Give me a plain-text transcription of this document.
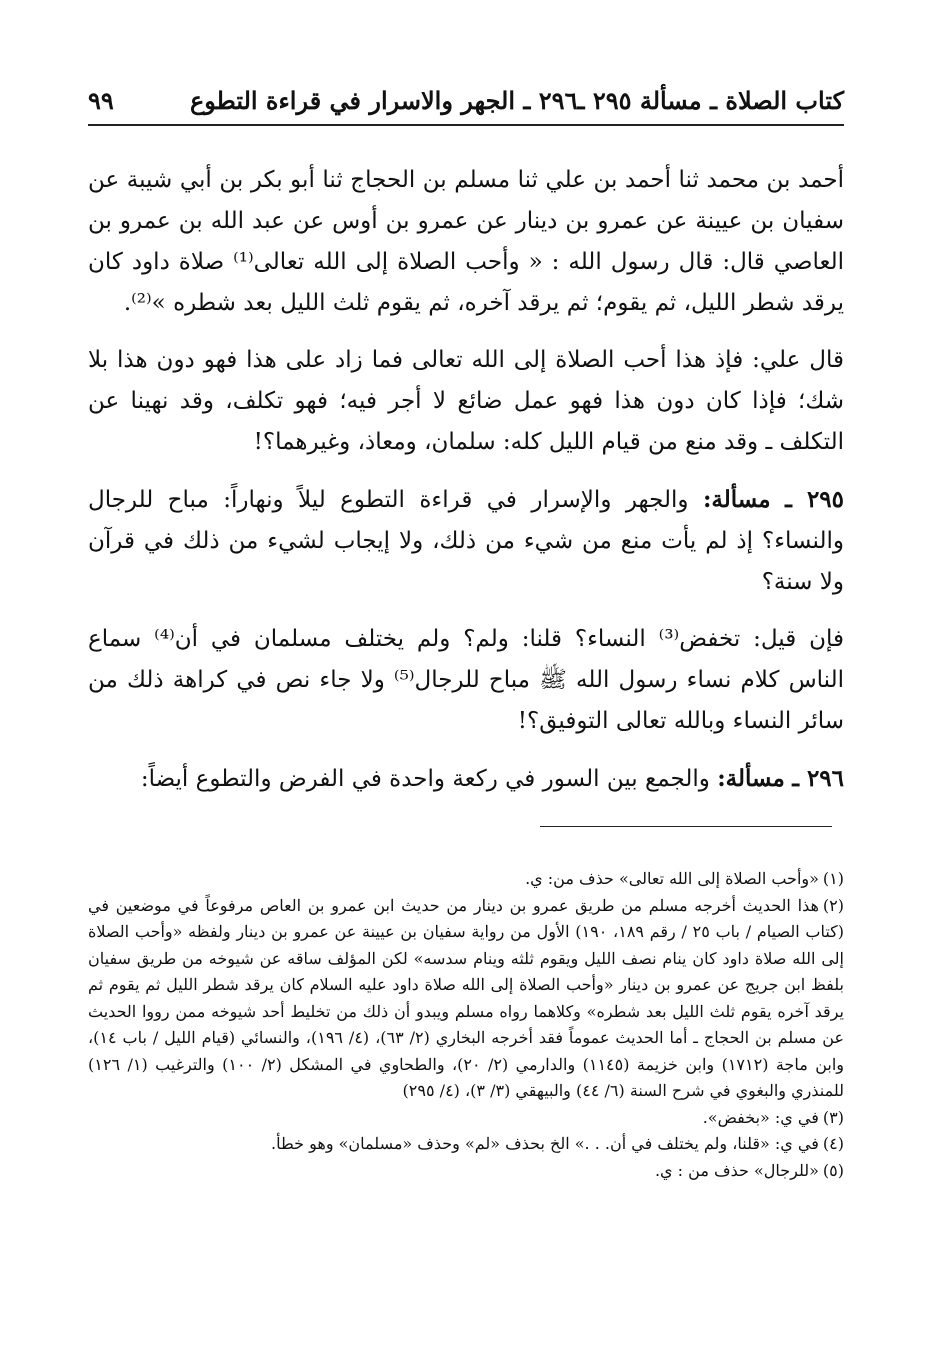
كتاب الصلاة ـ مسألة ٢٩٥ ـ٢٩٦ ـ الجهر والاسرار في قراءة التطوع
٩٩

أحمد بن محمد ثنا أحمد بن علي ثنا مسلم بن الحجاج ثنا أبو بكر بن أبي شيبة عن سفيان بن عيينة عن عمرو بن دينار عن عمرو بن أوس عن عبد الله بن عمرو بن العاصي قال: قال رسول الله : « وأحب الصلاة إلى الله تعالى⁽¹⁾ صلاة داود كان يرقد شطر الليل، ثم يقوم؛ ثم يرقد آخره، ثم يقوم ثلث الليل بعد شطره »⁽²⁾.

قال علي: فإذ هذا أحب الصلاة إلى الله تعالى فما زاد على هذا فهو دون هذا بلا شك؛ فإذا كان دون هذا فهو عمل ضائع لا أجر فيه؛ فهو تكلف، وقد نهينا عن التكلف ـ وقد منع من قيام الليل كله: سلمان، ومعاذ، وغيرهما؟!

٢٩٥ ـ مسألة: والجهر والإسرار في قراءة التطوع ليلاً ونهاراً: مباح للرجال والنساء؟ إذ لم يأت منع من شيء من ذلك، ولا إيجاب لشيء من ذلك في قرآن ولا سنة؟

فإن قيل: تخفض⁽³⁾ النساء؟ قلنا: ولم؟ ولم يختلف مسلمان في أن⁽⁴⁾ سماع الناس كلام نساء رسول الله ﷺ مباح للرجال⁽⁵⁾ ولا جاء نص في كراهة ذلك من سائر النساء وبالله تعالى التوفيق؟!

٢٩٦ ـ مسألة: والجمع بين السور في ركعة واحدة في الفرض والتطوع أيضاً:

(١)«وأحب الصلاة إلى الله تعالى» حذف من: ي.

(٢)هذا الحديث أخرجه مسلم من طريق عمرو بن دينار من حديث ابن عمرو بن العاص مرفوعاً في موضعين في (كتاب الصيام / باب ٢٥ / رقم ١٨٩، ١٩٠) الأول من رواية سفيان بن عيينة عن عمرو بن دينار ولفظه «وأحب الصلاة إلى الله صلاة داود كان ينام نصف الليل ويقوم ثلثه وينام سدسه» لكن المؤلف ساقه عن شيوخه من طريق سفيان بلفظ ابن جريج عن عمرو بن دينار «وأحب الصلاة إلى الله صلاة داود عليه السلام كان يرقد شطر الليل ثم يقوم ثم يرقد آخره يقوم ثلث الليل بعد شطره» وكلاهما رواه مسلم ويبدو أن ذلك من تخليط أحد شيوخه ممن رووا الحديث عن مسلم بن الحجاج ـ أما الحديث عموماً فقد أخرجه البخاري (٢/ ٦٣)، (٤/ ١٩٦)، والنسائي (قيام الليل / باب ١٤)، وابن ماجة (١٧١٢) وابن خزيمة (١١٤٥) والدارمي (٢/ ٢٠)، والطحاوي في المشكل (٢/ ١٠٠) والترغيب (١/ ١٢٦) للمنذري والبغوي في شرح السنة (٦/ ٤٤) والبيهقي (٣/ ٣)، (٤/ ٢٩٥)

(٣)في ي: «بخفض».

(٤)في ي: «قلنا، ولم يختلف في أن. . .» الخ بحذف «لم» وحذف «مسلمان» وهو خطأ.

(٥)«للرجال» حذف من : ي.
